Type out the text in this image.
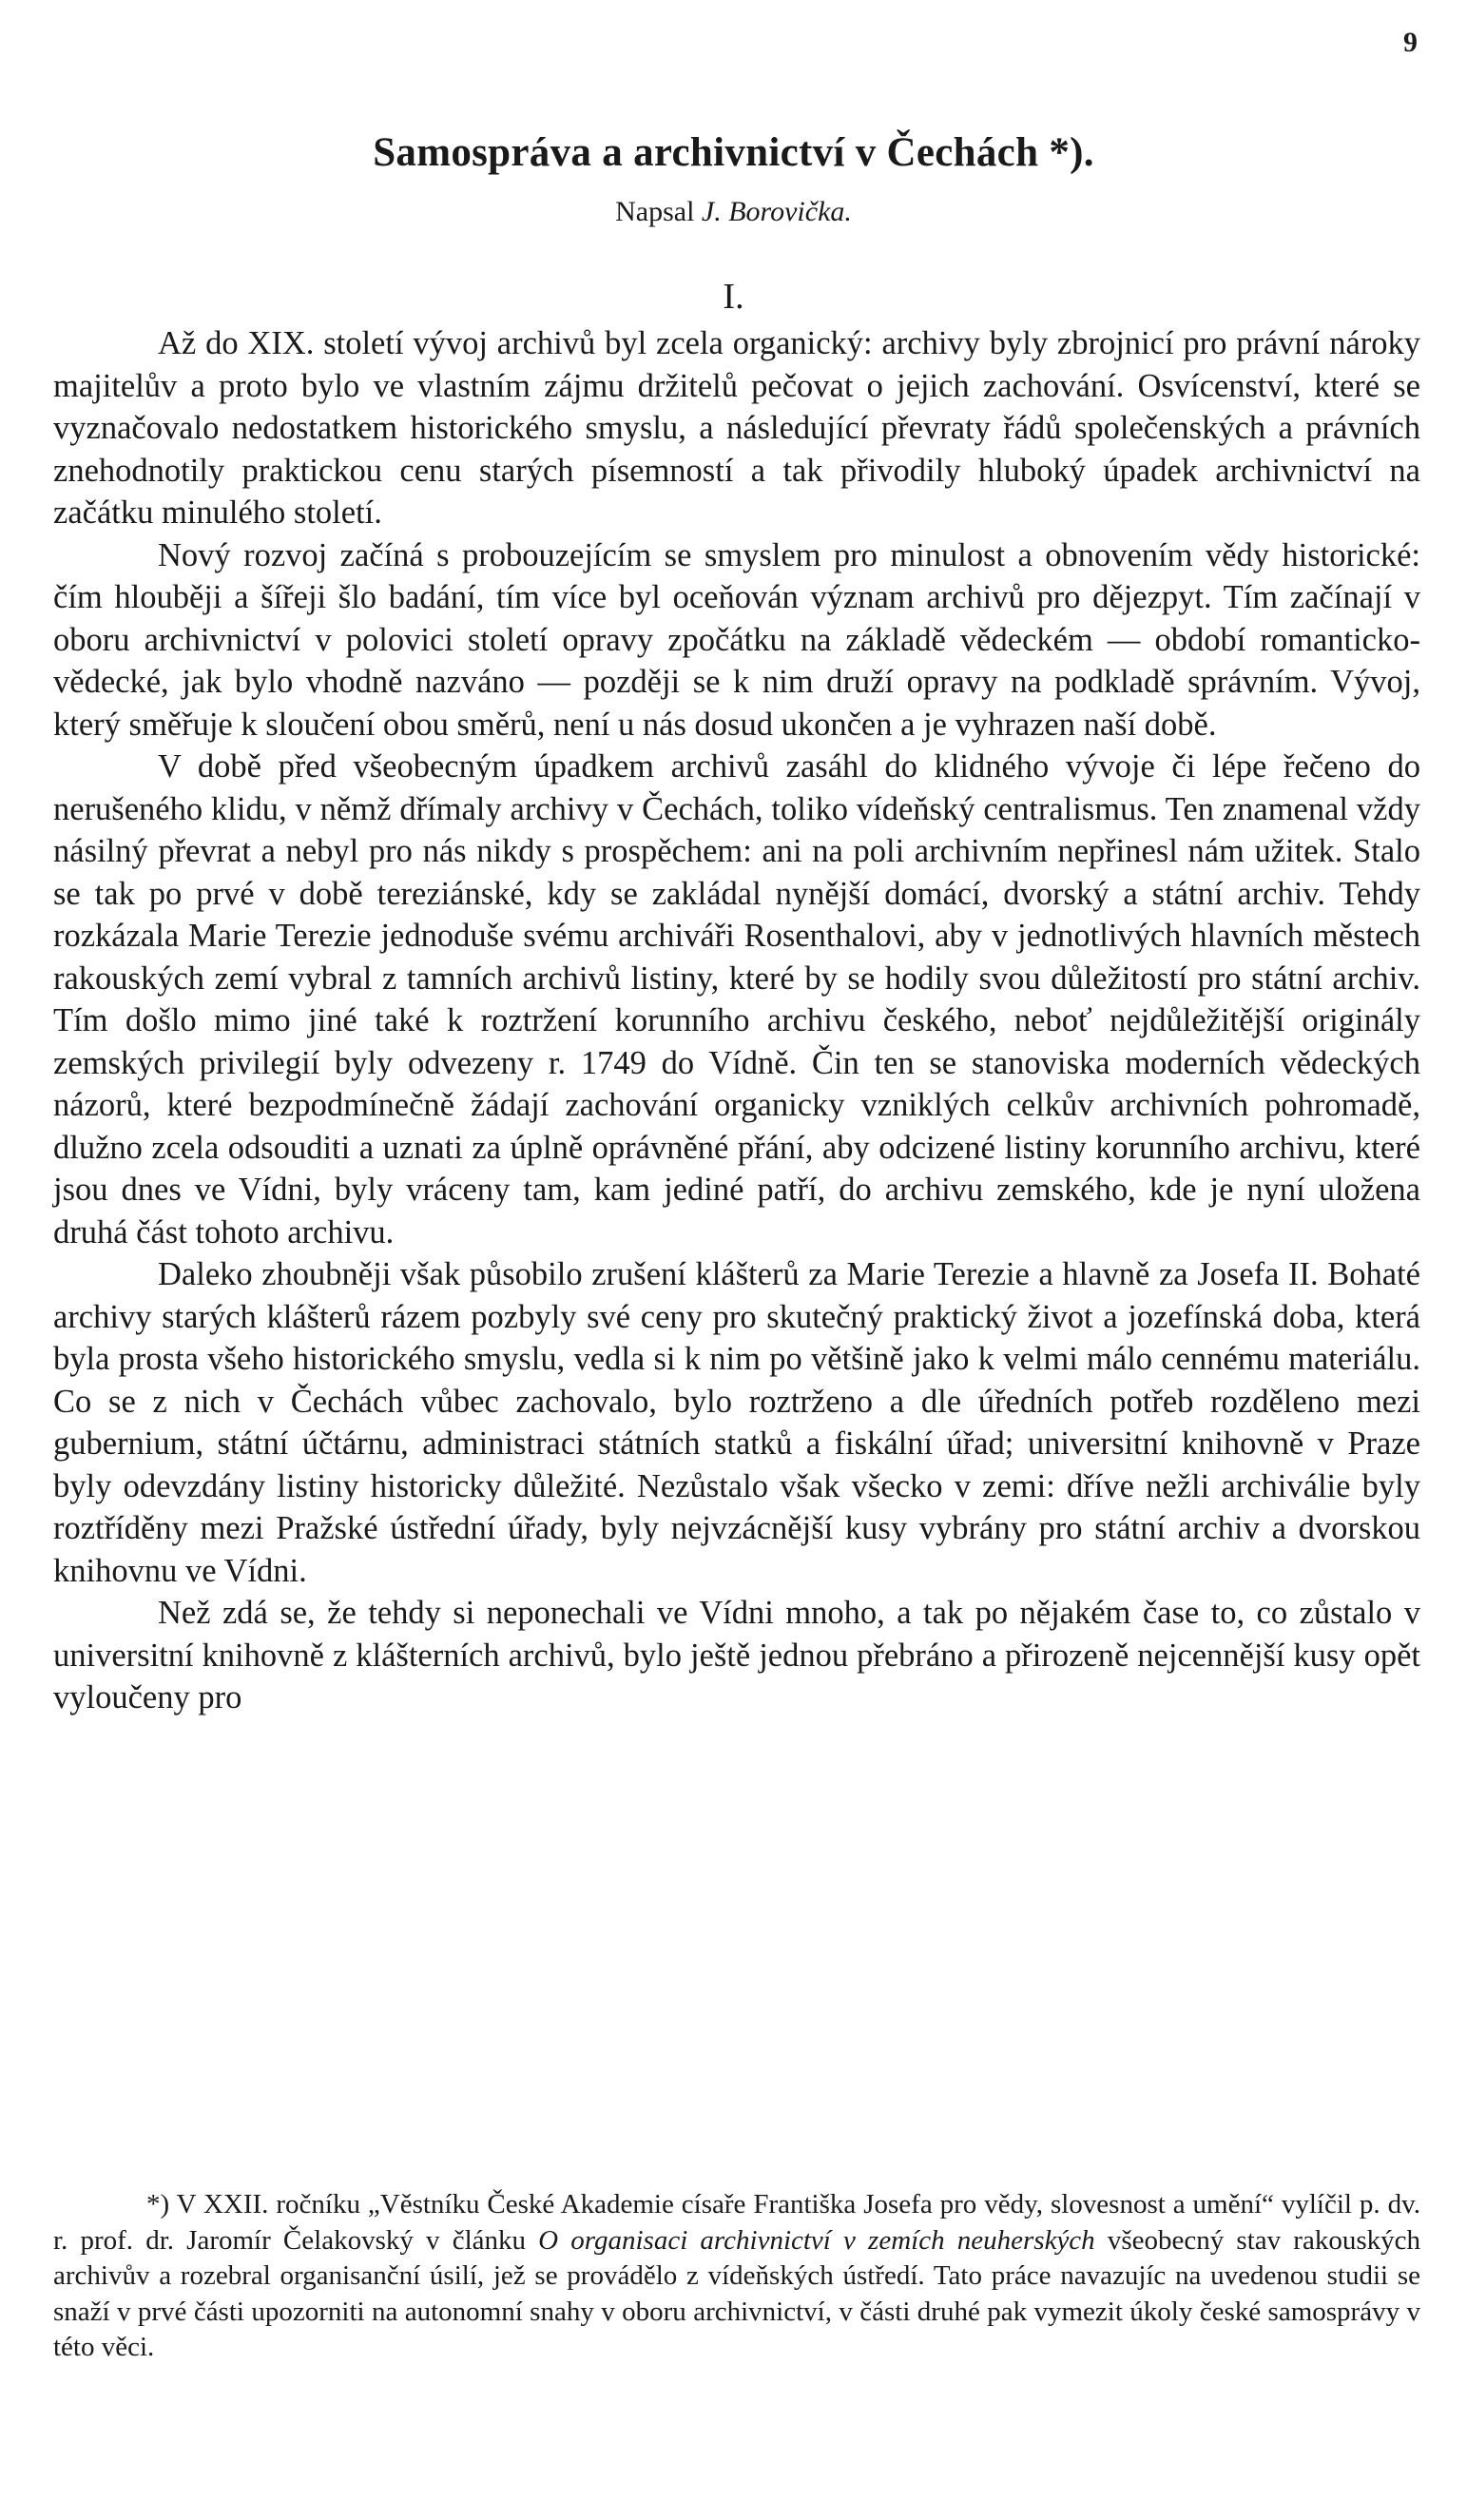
9
Samospráva a archivnictví v Čechách *).
Napsal J. Borovička.
I.

Až do XIX. století vývoj archivů byl zcela organický: archivy byly zbrojnicí pro právní nároky majitelův a proto bylo ve vlastním zájmu držitelů pečovat o jejich zachování. Osvícenství, které se vyznačovalo nedostatkem historického smyslu, a následující převraty řádů společenských a právních znehodnotily praktickou cenu starých písemností a tak přivodily hluboký úpadek archivnictví na začátku minulého století.

Nový rozvoj začíná s probouzejícím se smyslem pro minulost a obnovením vědy historické: čím hlouběji a šířeji šlo badání, tím více byl oceňován význam archivů pro dějezpyt. Tím začínají v oboru archivnictví v polovici století opravy zpočátku na základě vědeckém — období romanticko-vědecké, jak bylo vhodně nazváno — později se k nim druží opravy na podkladě správním. Vývoj, který směřuje k sloučení obou směrů, není u nás dosud ukončen a je vyhrazen naší době.

V době před všeobecným úpadkem archivů zasáhl do klidného vývoje či lépe řečeno do nerušeného klidu, v němž dřímaly archivy v Čechách, toliko vídeňský centralismus. Ten znamenal vždy násilný převrat a nebyl pro nás nikdy s prospěchem: ani na poli archivním nepřinesl nám užitek. Stalo se tak po prvé v době tereziánské, kdy se zakládal nynější domácí, dvorský a státní archiv. Tehdy rozkázala Marie Terezie jednoduše svému archiváři Rosenthalovi, aby v jednotlivých hlavních městech rakouských zemí vybral z tamních archivů listiny, které by se hodily svou důležitostí pro státní archiv. Tím došlo mimo jiné také k roztržení korunního archivu českého, neboť nejdůležitější originály zemských privilegií byly odvezeny r. 1749 do Vídně. Čin ten se stanoviska moderních vědeckých názorů, které bezpodmínečně žádají zachování organicky vzniklých celkův archivních pohromadě, dlužno zcela odsouditi a uznati za úplně oprávněné přání, aby odcizené listiny korunního archivu, které jsou dnes ve Vídni, byly vráceny tam, kam jediné patří, do archivu zemského, kde je nyní uložena druhá část tohoto archivu.

Daleko zhoubněji však působilo zrušení klášterů za Marie Terezie a hlavně za Josefa II. Bohaté archivy starých klášterů rázem pozbyly své ceny pro skutečný praktický život a jozefínská doba, která byla prosta všeho historického smyslu, vedla si k nim po většině jako k velmi málo cennému materiálu. Co se z nich v Čechách vůbec zachovalo, bylo roztrženo a dle úředních potřeb rozděleno mezi gubernium, státní účtárnu, administraci státních statků a fiskální úřad; universitní knihovně v Praze byly odevzdány listiny historicky důležité. Nezůstalo však všecko v zemi: dříve nežli archiválie byly roztříděny mezi Pražské ústřední úřady, byly nejvzácnější kusy vybrány pro státní archiv a dvorskou knihovnu ve Vídni.

Než zdá se, že tehdy si neponechali ve Vídni mnoho, a tak po nějakém čase to, co zůstalo v universitní knihovně z klášterních archivů, bylo ještě jednou přebráno a přirozeně nejcennější kusy opět vyloučeny pro

*) V XXII. ročníku „Věstníku České Akademie císaře Františka Josefa pro vědy, slovesnost a umění“ vylíčil p. dv. r. prof. dr. Jaromír Čelakovský v článku O organisaci archivnictví v zemích neuherských všeobecný stav rakouských archivův a rozebral organisanční úsilí, jež se provádělo z vídeňských ústředí. Tato práce navazujíc na uvedenou studii se snaží v prvé části upozorniti na autonomní snahy v oboru archivnictví, v části druhé pak vymezit úkoly české samosprávy v této věci.
